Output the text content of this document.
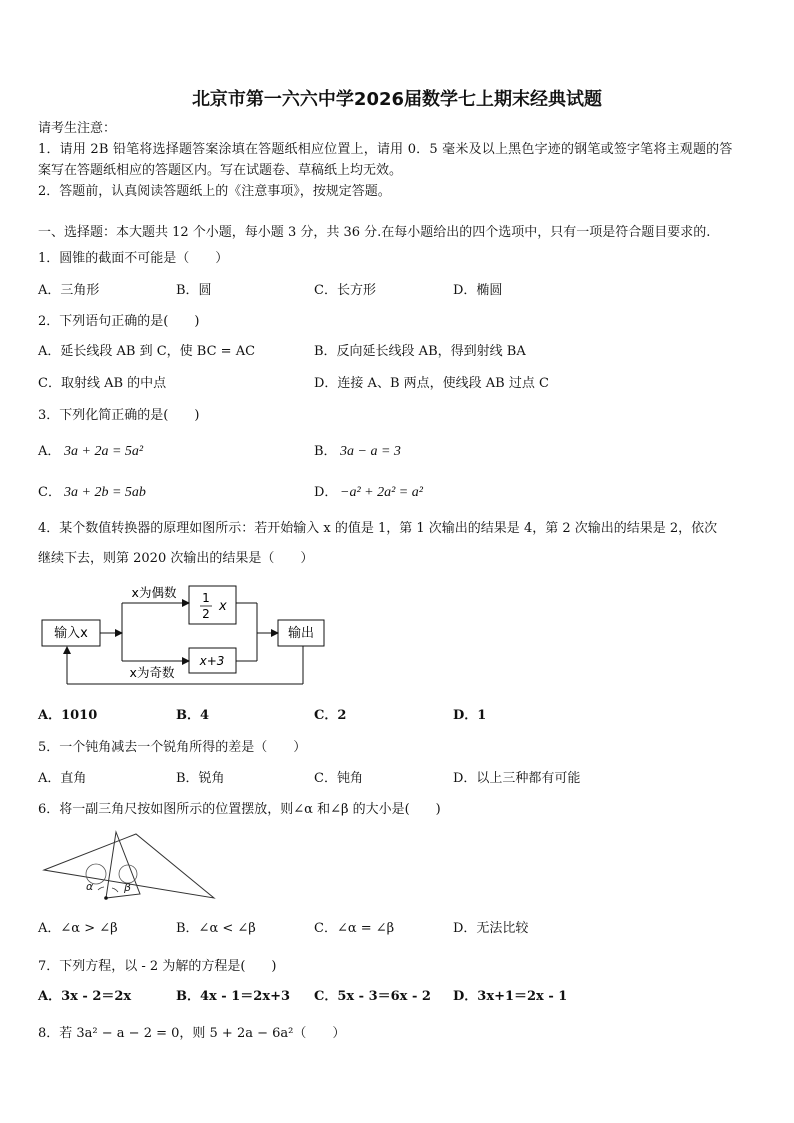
北京市第一六六中学2026届数学七上期末经典试题
请考生注意：
1．请用 2B 铅笔将选择题答案涂填在答题纸相应位置上，请用 0．5 毫米及以上黑色字迹的钢笔或签字笔将主观题的答
案写在答题纸相应的答题区内。写在试题卷、草稿纸上均无效。
2．答题前，认真阅读答题纸上的《注意事项》，按规定答题。
一、选择题：本大题共 12 个小题，每小题 3 分，共 36 分.在每小题给出的四个选项中，只有一项是符合题目要求的.
1．圆锥的截面不可能是（　　）
A．三角形	B．圆	C．长方形	D．椭圆
2．下列语句正确的是(　　)
A．延长线段 AB 到 C，使 BC = AC	B．反向延长线段 AB，得到射线 BA
C．取射线 AB 的中点	D．连接 A、B 两点，使线段 AB 过点 C
3．下列化简正确的是(　　)
A． 3a + 2a = 5a²	B． 3a − a = 3
C． 3a + 2b = 5ab	D． −a² + 2a² = a²
4．某个数值转换器的原理如图所示：若开始输入 x 的值是 1，第 1 次输出的结果是 4，第 2 次输出的结果是 2，依次
继续下去，则第 2020 次输出的结果是（　　）
输入x
x为偶数
x为奇数
1
2 x
x+3
输出
A．1010	B．4	C．2	D．1
5．一个钝角减去一个锐角所得的差是（　　）
A．直角	B．锐角	C．钝角	D．以上三种都有可能
6．将一副三角尺按如图所示的位置摆放，则∠α 和∠β 的大小是(　　)
α	β
A．∠α > ∠β	B．∠α < ∠β	C．∠α = ∠β	D．无法比较
7．下列方程，以 - 2 为解的方程是(　　)
A．3x - 2＝2x	B．4x - 1＝2x+3 C．5x - 3＝6x - 2 D．3x+1＝2x - 1
8．若 3a² − a − 2 = 0，则 5 + 2a − 6a²（　　）
